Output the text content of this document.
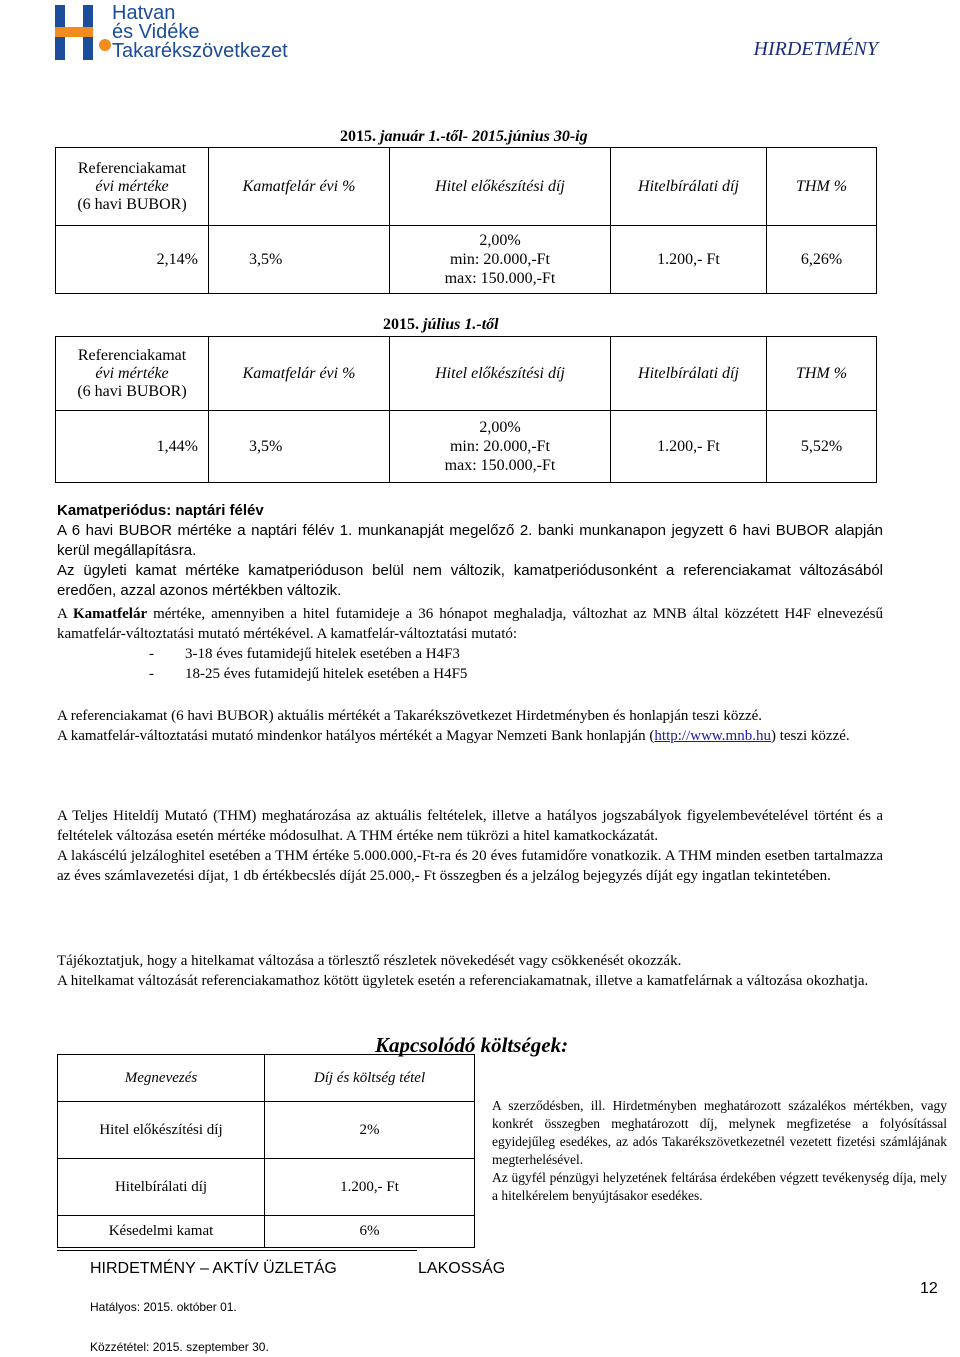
Hatvan
és Vidéke
Takarékszövetkezet	HIRDETMÉNY
2015. január 1.-től- 2015.június 30-ig
Referenciakamat
évi mértéke
(6 havi BUBOR)	Kamatfelár évi %	Hitel előkészítési díj	Hitelbírálati díj	THM %
2,14%	3,5%	2,00%
min: 20.000,-Ft
max: 150.000,-Ft	1.200,- Ft	6,26%
2015. július 1.-től
Referenciakamat
évi mértéke
(6 havi BUBOR)	Kamatfelár évi %	Hitel előkészítési díj	Hitelbírálati díj	THM %
1,44%	3,5%	2,00%
min: 20.000,-Ft
max: 150.000,-Ft	1.200,- Ft	5,52%

Kamatperiódus: naptári félév

A 6 havi BUBOR mértéke a naptári félév 1. munkanapját megelőző 2. banki munkanapon jegyzett 6 havi BUBOR alapján kerül megállapításra.

Az ügyleti kamat mértéke kamatperióduson belül nem változik, kamatperiódusonként a referenciakamat változásából eredően, azzal azonos mértékben változik.

A Kamatfelár mértéke, amennyiben a hitel futamideje a 36 hónapot meghaladja, változhat az MNB által közzétett H4F elnevezésű kamatfelár-változtatási mutató mértékével. A kamatfelár-változtatási mutató:

- 3-18 éves futamidejű hitelek esetében a H4F3
- 18-25 éves futamidejű hitelek esetében a H4F5

A referenciakamat (6 havi BUBOR) aktuális mértékét a Takarékszövetkezet Hirdetményben és honlapján teszi közzé.

A kamatfelár-változtatási mutató mindenkor hatályos mértékét a Magyar Nemzeti Bank honlapján (http://www.mnb.hu) teszi közzé.

A Teljes Hiteldíj Mutató (THM) meghatározása az aktuális feltételek, illetve a hatályos jogszabályok figyelembevételével történt és a feltételek változása esetén mértéke módosulhat. A THM értéke nem tükrözi a hitel kamatkockázatát.

A lakáscélú jelzáloghitel esetében a THM értéke 5.000.000,-Ft-ra és 20 éves futamidőre vonatkozik. A THM minden esetben tartalmazza az éves számlavezetési díjat, 1 db értékbecslés díját 25.000,- Ft összegben és a jelzálog bejegyzés díját egy ingatlan tekintetében.

Tájékoztatjuk, hogy a hitelkamat változása a törlesztő részletek növekedését vagy csökkenését okozzák.

A hitelkamat változását referenciakamathoz kötött ügyletek esetén a referenciakamatnak, illetve a kamatfelárnak a változása okozhatja.

Kapcsolódó költségek:
Megnevezés	Díj és költség tétel
Hitel előkészítési díj	2%
Hitelbírálati díj	1.200,- Ft
Késedelmi kamat	6%

A szerződésben, ill. Hirdetményben meghatározott százalékos mértékben, vagy konkrét összegben meghatározott díj, melynek megfizetése a folyósítással egyidejűleg esedékes, az adós Takarékszövetkezetnél vezetett fizetési számlájának megterhelésével.

Az ügyfél pénzügyi helyzetének feltárása érdekében végzett tevékenység díja, mely a hitelkérelem benyújtásakor esedékes.

HIRDETMÉNY – AKTÍV ÜZLETÁG	LAKOSSÁG
Hatályos: 2015. október 01.
Közzététel: 2015. szeptember 30.
12
